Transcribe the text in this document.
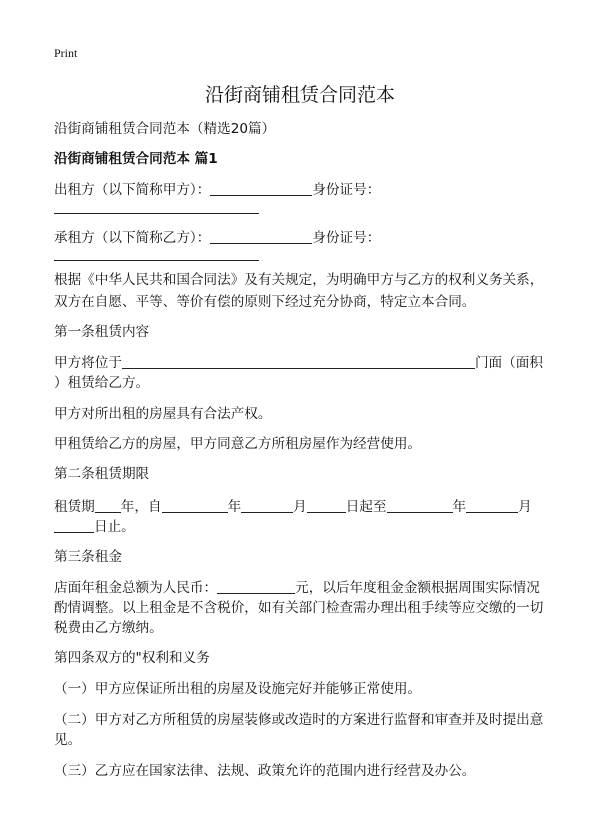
Print
沿街商铺租赁合同范本
沿街商铺租赁合同范本（精选20篇）
沿街商铺租赁合同范本 篇1
出租方（以下简称甲方）：	身份证号：
承租方（以下简称乙方）：	身份证号：
根据《中华人民共和国合同法》及有关规定，为明确甲方与乙方的权利义务关系，
双方在自愿、平等、等价有偿的原则下经过充分协商，特定立本合同。
第一条租赁内容
甲方将位于	门面（面积
）租赁给乙方。
甲方对所出租的房屋具有合法产权。
甲租赁给乙方的房屋，甲方同意乙方所租房屋作为经营使用。
第二条租赁期限
租赁期 年，自	年	月	日起至	年	月
日止。
第三条租金
店面年租金总额为人民币：	元，以后年度租金金额根据周围实际情况
酌情调整。以上租金是不含税价，如有关部门检查需办理出租手续等应交缴的一切
税费由乙方缴纳。
第四条双方的"权利和义务
（一）甲方应保证所出租的房屋及设施完好并能够正常使用。
（二）甲方对乙方所租赁的房屋装修或改造时的方案进行监督和审查并及时提出意
见。
（三）乙方应在国家法律、法规、政策允许的范围内进行经营及办公。
